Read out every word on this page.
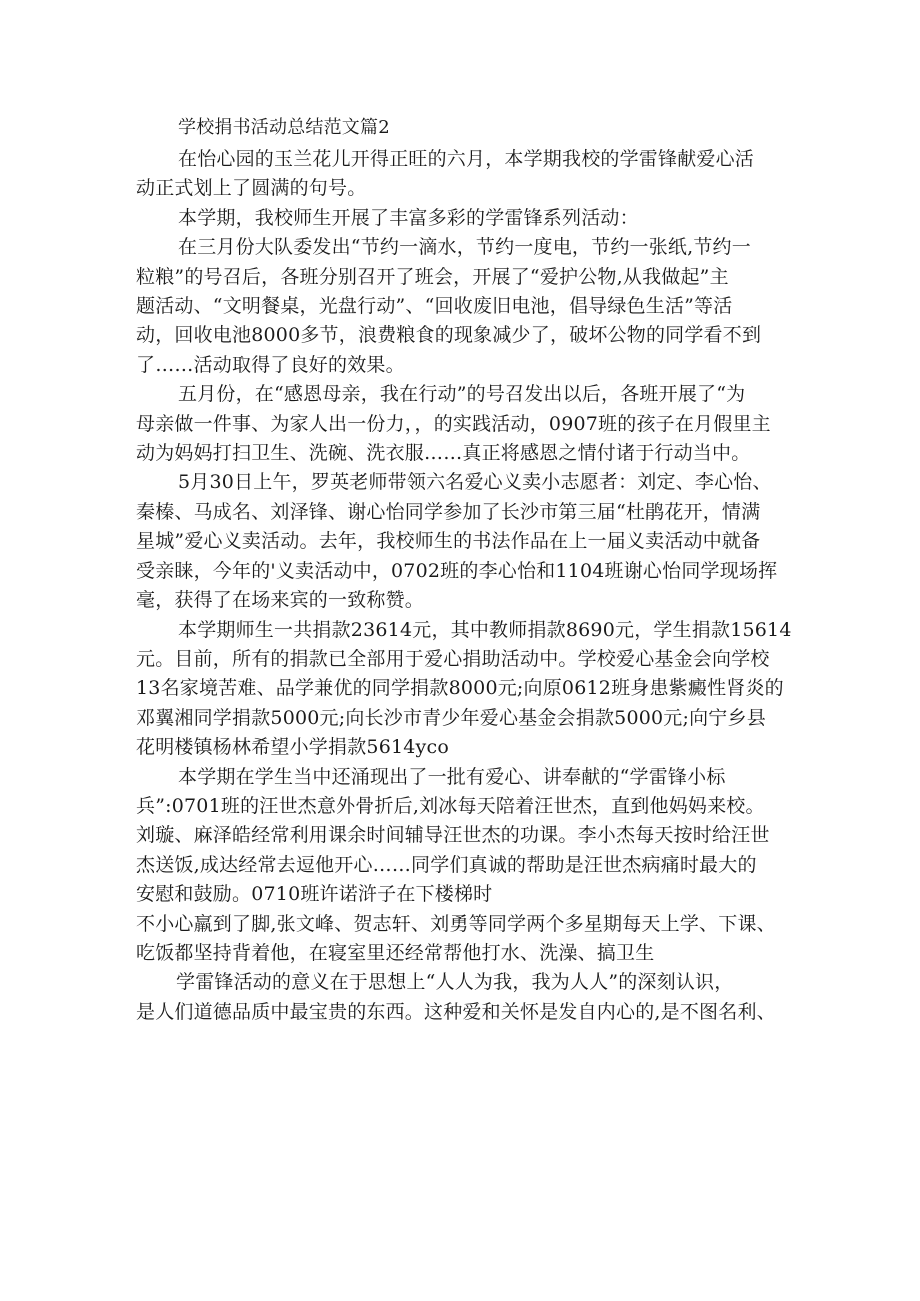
学校捐书活动总结范文篇2
在怡心园的玉兰花儿开得正旺的六月，本学期我校的学雷锋献爱心活
动正式划上了圆满的句号。
本学期，我校师生开展了丰富多彩的学雷锋系列活动：
在三月份大队委发出“节约一滴水，节约一度电，节约一张纸,节约一
粒粮”的号召后，各班分别召开了班会，开展了“爱护公物,从我做起”主
题活动、“文明餐桌，光盘行动”、“回收废旧电池，倡导绿色生活”等活
动，回收电池8000多节，浪费粮食的现象减少了，破坏公物的同学看不到
了……活动取得了良好的效果。
五月份，在“感恩母亲，我在行动”的号召发出以后，各班开展了“为
母亲做一件事、为家人出一份力，，的实践活动，0907班的孩子在月假里主
动为妈妈打扫卫生、洗碗、洗衣服……真正将感恩之情付诸于行动当中。
5月30日上午，罗英老师带领六名爱心义卖小志愿者：刘定、李心怡、
秦榛、马成名、刘泽锋、谢心怡同学参加了长沙市第三届“杜鹃花开，情满
星城”爱心义卖活动。去年，我校师生的书法作品在上一届义卖活动中就备
受亲睐，今年的'义卖活动中，0702班的李心怡和1104班谢心怡同学现场挥
毫，获得了在场来宾的一致称赞。
本学期师生一共捐款23614元，其中教师捐款8690元，学生捐款15614
元。目前，所有的捐款已全部用于爱心捐助活动中。学校爱心基金会向学校
13名家境苦难、品学兼优的同学捐款8000元;向原0612班身患紫癜性肾炎的
邓翼湘同学捐款5000元;向长沙市青少年爱心基金会捐款5000元;向宁乡县
花明楼镇杨林希望小学捐款5614yco
本学期在学生当中还涌现出了一批有爱心、讲奉献的“学雷锋小标
兵”:0701班的汪世杰意外骨折后,刘冰每天陪着汪世杰，直到他妈妈来校。
刘璇、麻泽皓经常利用课余时间辅导汪世杰的功课。李小杰每天按时给汪世
杰送饭,成达经常去逗他开心……同学们真诚的帮助是汪世杰病痛时最大的
安慰和鼓励。0710班许诺浒子在下楼梯时
不小心羸到了脚,张文峰、贺志轩、刘勇等同学两个多星期每天上学、下课、
吃饭都坚持背着他，在寝室里还经常帮他打水、洗澡、搞卫生
学雷锋活动的意义在于思想上“人人为我，我为人人”的深刻认识，
是人们道德品质中最宝贵的东西。这种爱和关怀是发自内心的,是不图名利、
